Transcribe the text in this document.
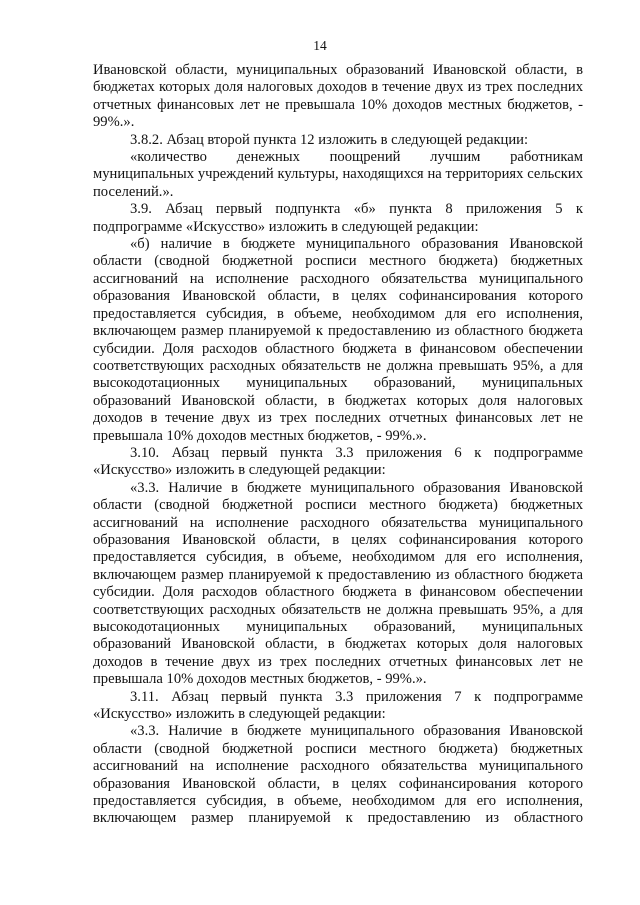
14

Ивановской области, муниципальных образований Ивановской области, в бюджетах которых доля налоговых доходов в течение двух из трех последних отчетных финансовых лет не превышала 10% доходов местных бюджетов, - 99%.».

3.8.2. Абзац второй пункта 12 изложить в следующей редакции:

«количество денежных поощрений лучшим работникам муниципальных учреждений культуры, находящихся на территориях сельских поселений.».

3.9. Абзац первый подпункта «б» пункта 8 приложения 5 к подпрограмме «Искусство» изложить в следующей редакции:

«б) наличие в бюджете муниципального образования Ивановской области (сводной бюджетной росписи местного бюджета) бюджетных ассигнований на исполнение расходного обязательства муниципального образования Ивановской области, в целях софинансирования которого предоставляется субсидия, в объеме, необходимом для его исполнения, включающем размер планируемой к предоставлению из областного бюджета субсидии. Доля расходов областного бюджета в финансовом обеспечении соответствующих расходных обязательств не должна превышать 95%, а для высокодотационных муниципальных образований, муниципальных образований Ивановской области, в бюджетах которых доля налоговых доходов в течение двух из трех последних отчетных финансовых лет не превышала 10% доходов местных бюджетов, - 99%.».

3.10. Абзац первый пункта 3.3 приложения 6 к подпрограмме «Искусство» изложить в следующей редакции:

«3.3. Наличие в бюджете муниципального образования Ивановской области (сводной бюджетной росписи местного бюджета) бюджетных ассигнований на исполнение расходного обязательства муниципального образования Ивановской области, в целях софинансирования которого предоставляется субсидия, в объеме, необходимом для его исполнения, включающем размер планируемой к предоставлению из областного бюджета субсидии. Доля расходов областного бюджета в финансовом обеспечении соответствующих расходных обязательств не должна превышать 95%, а для высокодотационных муниципальных образований, муниципальных образований Ивановской области, в бюджетах которых доля налоговых доходов в течение двух из трех последних отчетных финансовых лет не превышала 10% доходов местных бюджетов, - 99%.».

3.11. Абзац первый пункта 3.3 приложения 7 к подпрограмме «Искусство» изложить в следующей редакции:

«3.3. Наличие в бюджете муниципального образования Ивановской области (сводной бюджетной росписи местного бюджета) бюджетных ассигнований на исполнение расходного обязательства муниципального образования Ивановской области, в целях софинансирования которого предоставляется субсидия, в объеме, необходимом для его исполнения, включающем размер планируемой к предоставлению из областного
